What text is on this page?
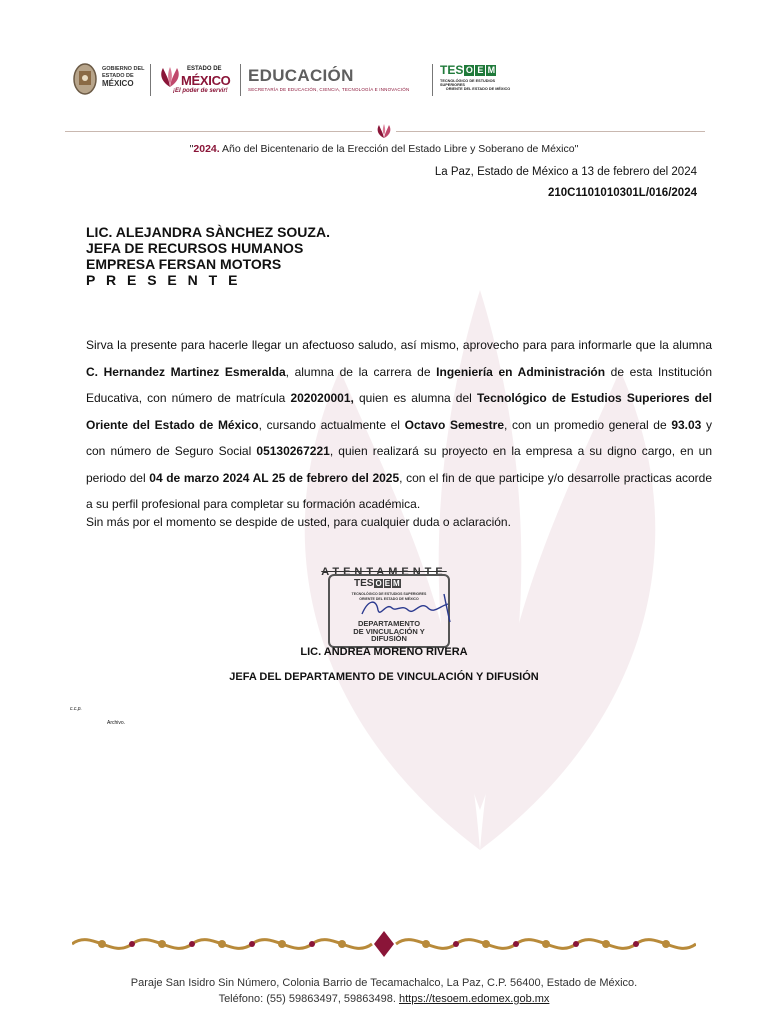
GOBIERNO DEL
ESTADO DE
MÉXICO
ESTADO DE
MÉXICO
¡El poder de servir!
EDUCACIÓN
SECRETARÍA DE EDUCACIÓN, CIENCIA, TECNOLOGÍA E INNOVACIÓN
TES O E M
TECNOLÓGICO DE ESTUDIOS SUPERIORES
ORIENTE DEL ESTADO DE MÉXICO
"2024. Año del Bicentenario de la Erección del Estado Libre y Soberano de México"
La Paz, Estado de México a 13 de febrero del 2024
210C1101010301L/016/2024
LIC. ALEJANDRA SÀNCHEZ SOUZA.
JEFA DE RECURSOS HUMANOS
EMPRESA FERSAN MOTORS
P R E S E N T E

Sirva la presente para hacerle llegar un afectuoso saludo, así mismo, aprovecho para para informarle que la alumna C. Hernandez Martinez Esmeralda, alumna de la carrera de Ingeniería en Administración de esta Institución Educativa, con número de matrícula 202020001, quien es alumna del Tecnológico de Estudios Superiores del Oriente del Estado de México, cursando actualmente el Octavo Semestre, con un promedio general de 93.03 y con número de Seguro Social 05130267221, quien realizará su proyecto en la empresa a su digno cargo, en un periodo del 04 de marzo 2024 AL 25 de febrero del 2025, con el fin de que participe y/o desarrolle practicas acorde a su perfil profesional para completar su formación académica.

Sin más por el momento se despide de usted, para cualquier duda o aclaración.
ATENTAMENTE
TES O E M
TECNOLÓGICO DE ESTUDIOS SUPERIORES
ORIENTE DEL ESTADO DE MÉXICO
DEPARTAMENTO
DE VINCULACIÓN Y
DIFUSIÓN
LIC. ANDREA MORENO RIVERA
JEFA DEL DEPARTAMENTO DE VINCULACIÓN Y DIFUSIÓN
c.c.p.
Archivo.
Paraje San Isidro Sin Número, Colonia Barrio de Tecamachalco, La Paz, C.P. 56400, Estado de México.
Teléfono: (55) 59863497, 59863498. https://tesoem.edomex.gob.mx
